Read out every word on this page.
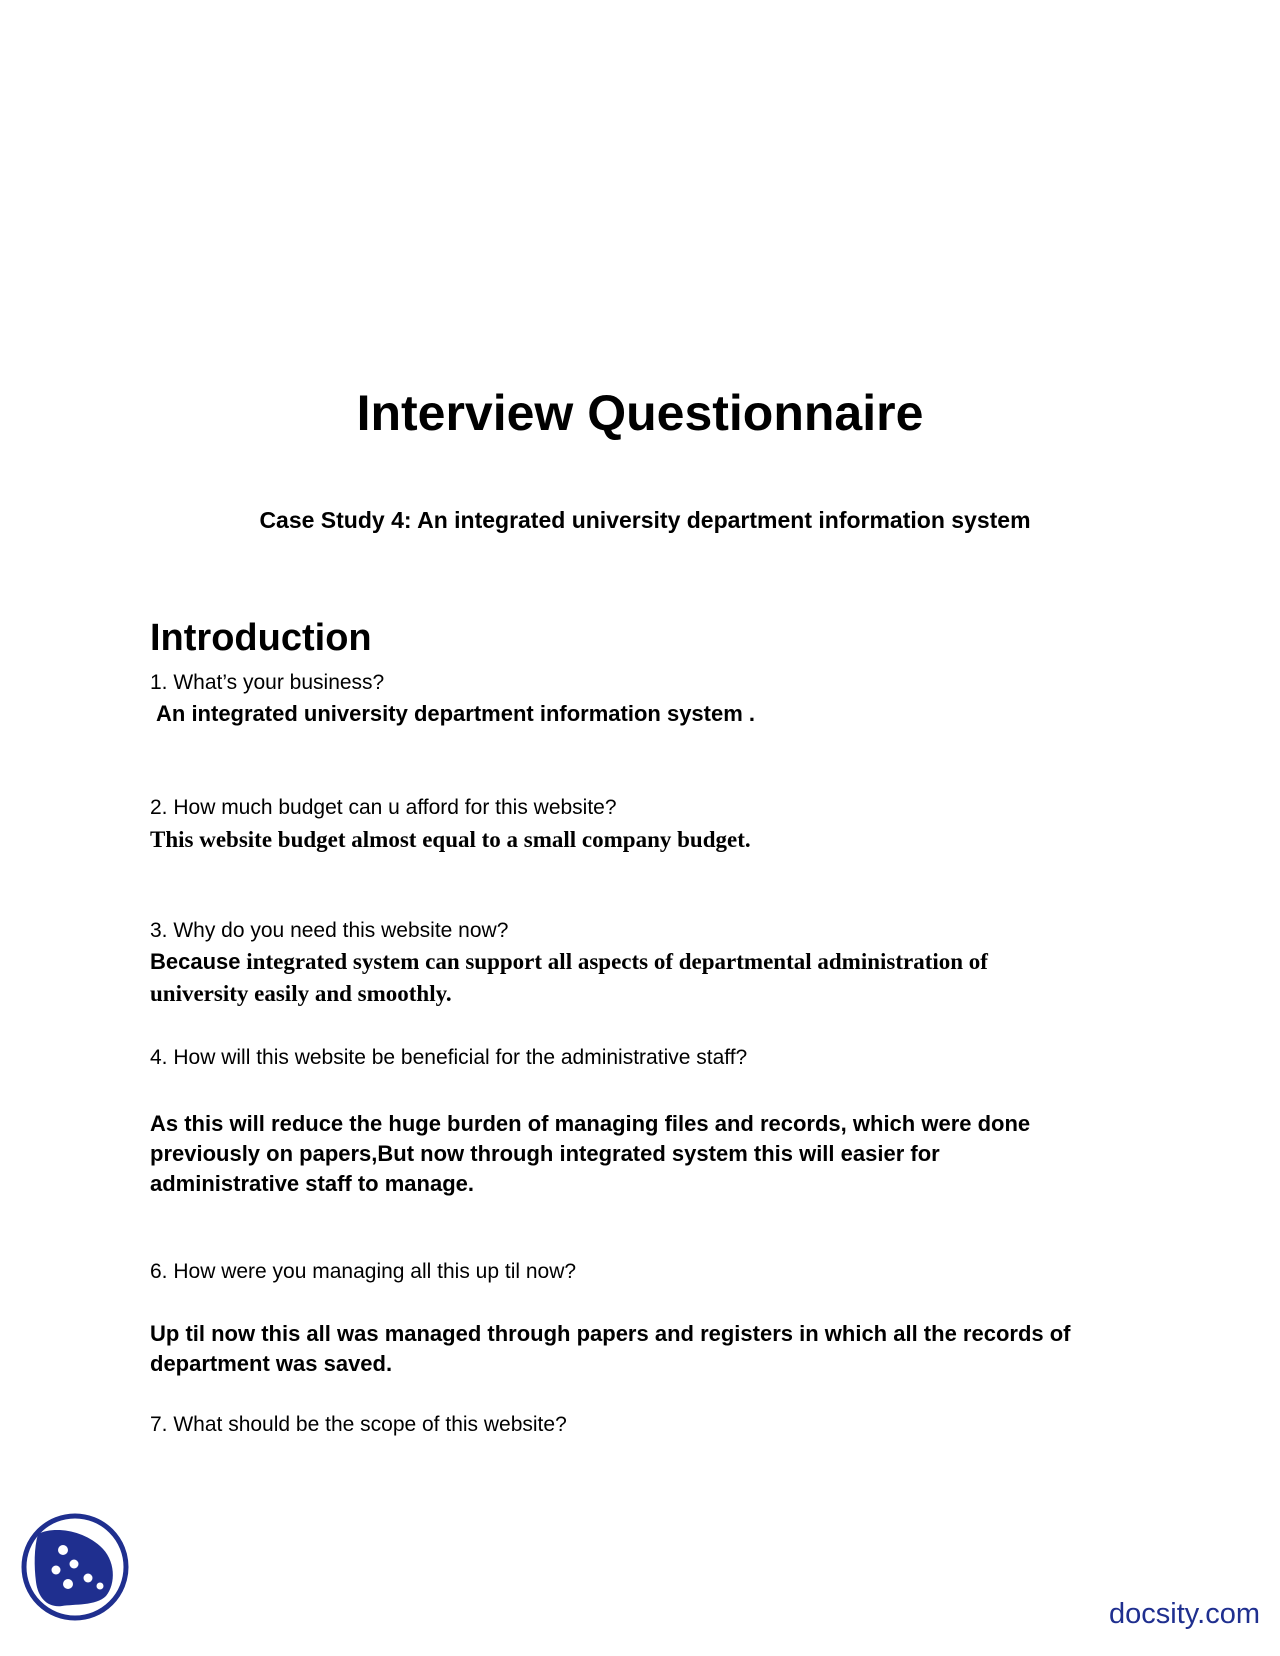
Interview Questionnaire

Case Study 4: An integrated university department information system

Introduction

1. What’s your business?

An integrated university department information system .

2. How much budget can u afford for this website?

This website budget almost equal to a small company budget.

3. Why do you need this website now?

Because integrated system can support all aspects of departmental administration of university easily and smoothly.

4. How will this website be beneficial for the administrative staff?

As this will reduce the huge burden of managing files and records, which were done previously on papers,But now through integrated system this will easier for administrative staff to manage.

6. How were you managing all this up til now?

Up til now this all was managed through papers and registers in which all the records of department was saved.

7. What should be the scope of this website?

docsity.com
